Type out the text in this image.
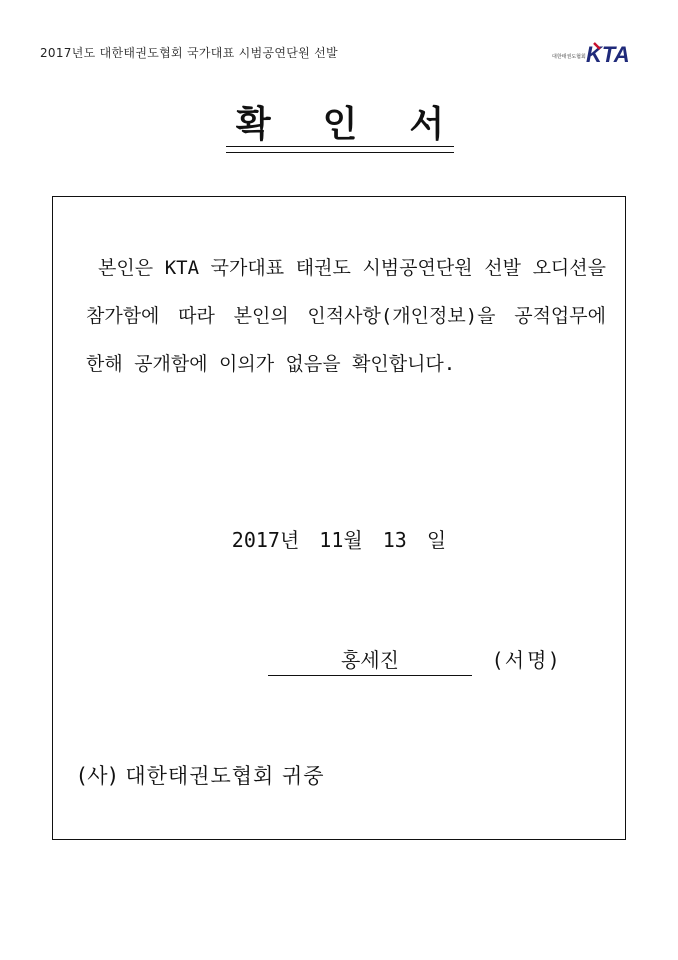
2017년도 대한태권도협회 국가대표 시범공연단원 선발	대한태권도협회 KTA
확인서

본인은 KTA 국가대표 태권도 시범공연단원 선발 오디션을 참가함에 따라 본인의 인적사항(개인정보)을 공적업무에 한해 공개함에 이의가 없음을 확인합니다.

2017년 11월 13 일
홍세진	(서명)
(사) 대한태권도협회 귀중
